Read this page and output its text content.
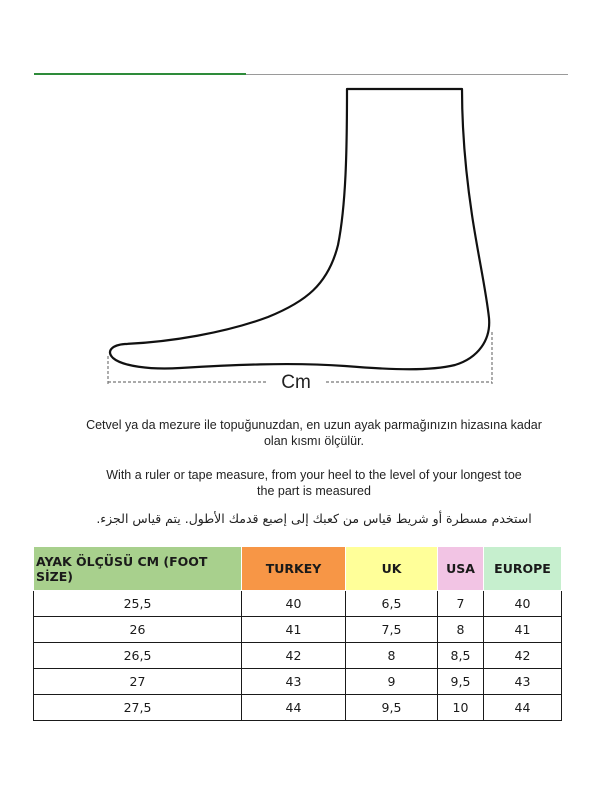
Cm
Cetvel ya da mezure ile topuğunuzdan, en uzun ayak parmağınızın hizasına kadar
olan kısmı ölçülür.
With a ruler or tape measure, from your heel to the level of your longest toe
the part is measured
استخدم مسطرة أو شريط قياس من كعبك إلى إصبع قدمك الأطول. يتم قياس الجزء.
AYAK ÖLÇÜSÜ CM (FOOT SİZE)	TURKEY	UK	USA	EUROPE
25,5	40	6,5	7	40
26	41	7,5	8	41
26,5	42	8	8,5	42
27	43	9	9,5	43
27,5	44	9,5	10	44
